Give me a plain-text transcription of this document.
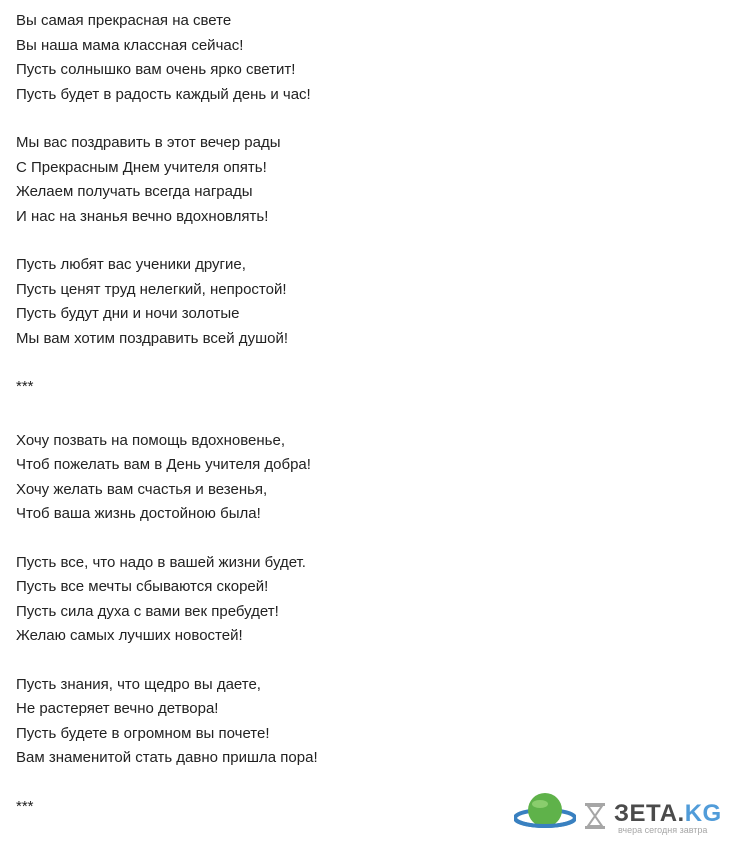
Вы самая прекрасная на свете
Вы наша мама классная сейчас!
Пусть солнышко вам очень ярко светит!
Пусть будет в радость каждый день и час!
Мы вас поздравить в этот вечер рады
С Прекрасным Днем учителя опять!
Желаем получать всегда награды
И нас на знанья вечно вдохновлять!
Пусть любят вас ученики другие,
Пусть ценят труд нелегкий, непростой!
Пусть будут дни и ночи золотые
Мы вам хотим поздравить всей душой!
***
Хочу позвать на помощь вдохновенье,
Чтоб пожелать вам в День учителя добра!
Хочу желать вам счастья и везенья,
Чтоб ваша жизнь достойною была!
Пусть все, что надо в вашей жизни будет.
Пусть все мечты сбываются скорей!
Пусть сила духа с вами век пребудет!
Желаю самых лучших новостей!
Пусть знания, что щедро вы даете,
Не растеряет вечно детвора!
Пусть будете в огромном вы почете!
Вам знаменитой стать давно пришла пора!
***	ЗЕТА.KG
вчера сегодня завтра
